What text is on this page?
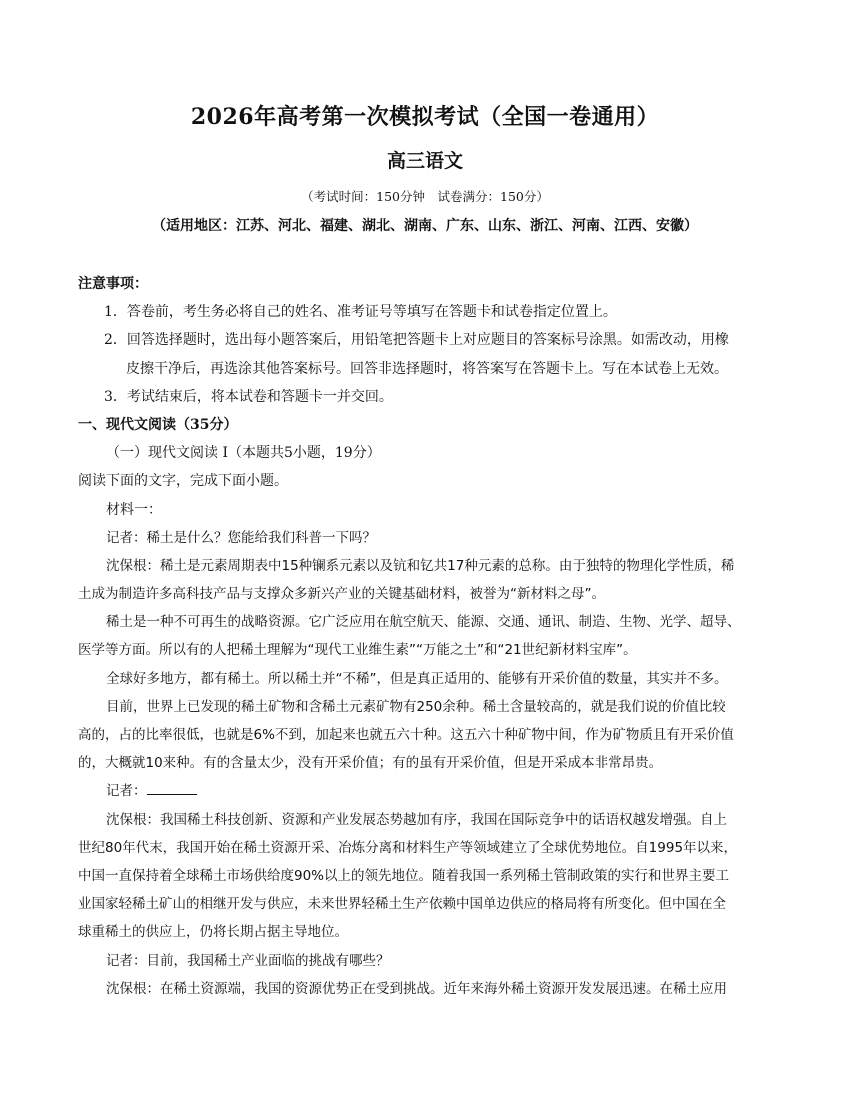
2026年高考第一次模拟考试（全国一卷通用）
高三语文
（考试时间：150分钟　试卷满分：150分）
（适用地区：江苏、河北、福建、湖北、湖南、广东、山东、浙江、河南、江西、安徽）
注意事项：
1．答卷前，考生务必将自己的姓名、准考证号等填写在答题卡和试卷指定位置上。
2．回答选择题时，选出每小题答案后，用铅笔把答题卡上对应题目的答案标号涂黑。如需改动，用橡
皮擦干净后，再选涂其他答案标号。回答非选择题时，将答案写在答题卡上。写在本试卷上无效。
3．考试结束后，将本试卷和答题卡一并交回。
一、现代文阅读（35分）
（一）现代文阅读 I（本题共5小题，19分）
阅读下面的文字，完成下面小题。
材料一：
记者：稀土是什么？您能给我们科普一下吗？
沈保根：稀土是元素周期表中15种镧系元素以及钪和钇共17种元素的总称。由于独特的物理化学性质，稀
土成为制造许多高科技产品与支撑众多新兴产业的关键基础材料，被誉为“新材料之母”。
稀土是一种不可再生的战略资源。它广泛应用在航空航天、能源、交通、通讯、制造、生物、光学、超导、
医学等方面。所以有的人把稀土理解为“现代工业维生素”“万能之土”和“21世纪新材料宝库”。
全球好多地方，都有稀土。所以稀土并“不稀”，但是真正适用的、能够有开采价值的数量，其实并不多。
目前，世界上已发现的稀土矿物和含稀土元素矿物有250余种。稀土含量较高的，就是我们说的价值比较
高的，占的比率很低，也就是6%不到，加起来也就五六十种。这五六十种矿物中间，作为矿物质且有开采价值
的，大概就10来种。有的含量太少，没有开采价值；有的虽有开采价值，但是开采成本非常昂贵。
记者：
沈保根：我国稀土科技创新、资源和产业发展态势越加有序，我国在国际竞争中的话语权越发增强。自上
世纪80年代末，我国开始在稀土资源开采、冶炼分离和材料生产等领域建立了全球优势地位。自1995年以来，
中国一直保持着全球稀土市场供给度90%以上的领先地位。随着我国一系列稀土管制政策的实行和世界主要工
业国家轻稀土矿山的相继开发与供应，未来世界轻稀土生产依赖中国单边供应的格局将有所变化。但中国在全
球重稀土的供应上，仍将长期占据主导地位。
记者：目前，我国稀土产业面临的挑战有哪些？
沈保根：在稀土资源端，我国的资源优势正在受到挑战。近年来海外稀土资源开发发展迅速。在稀土应用
